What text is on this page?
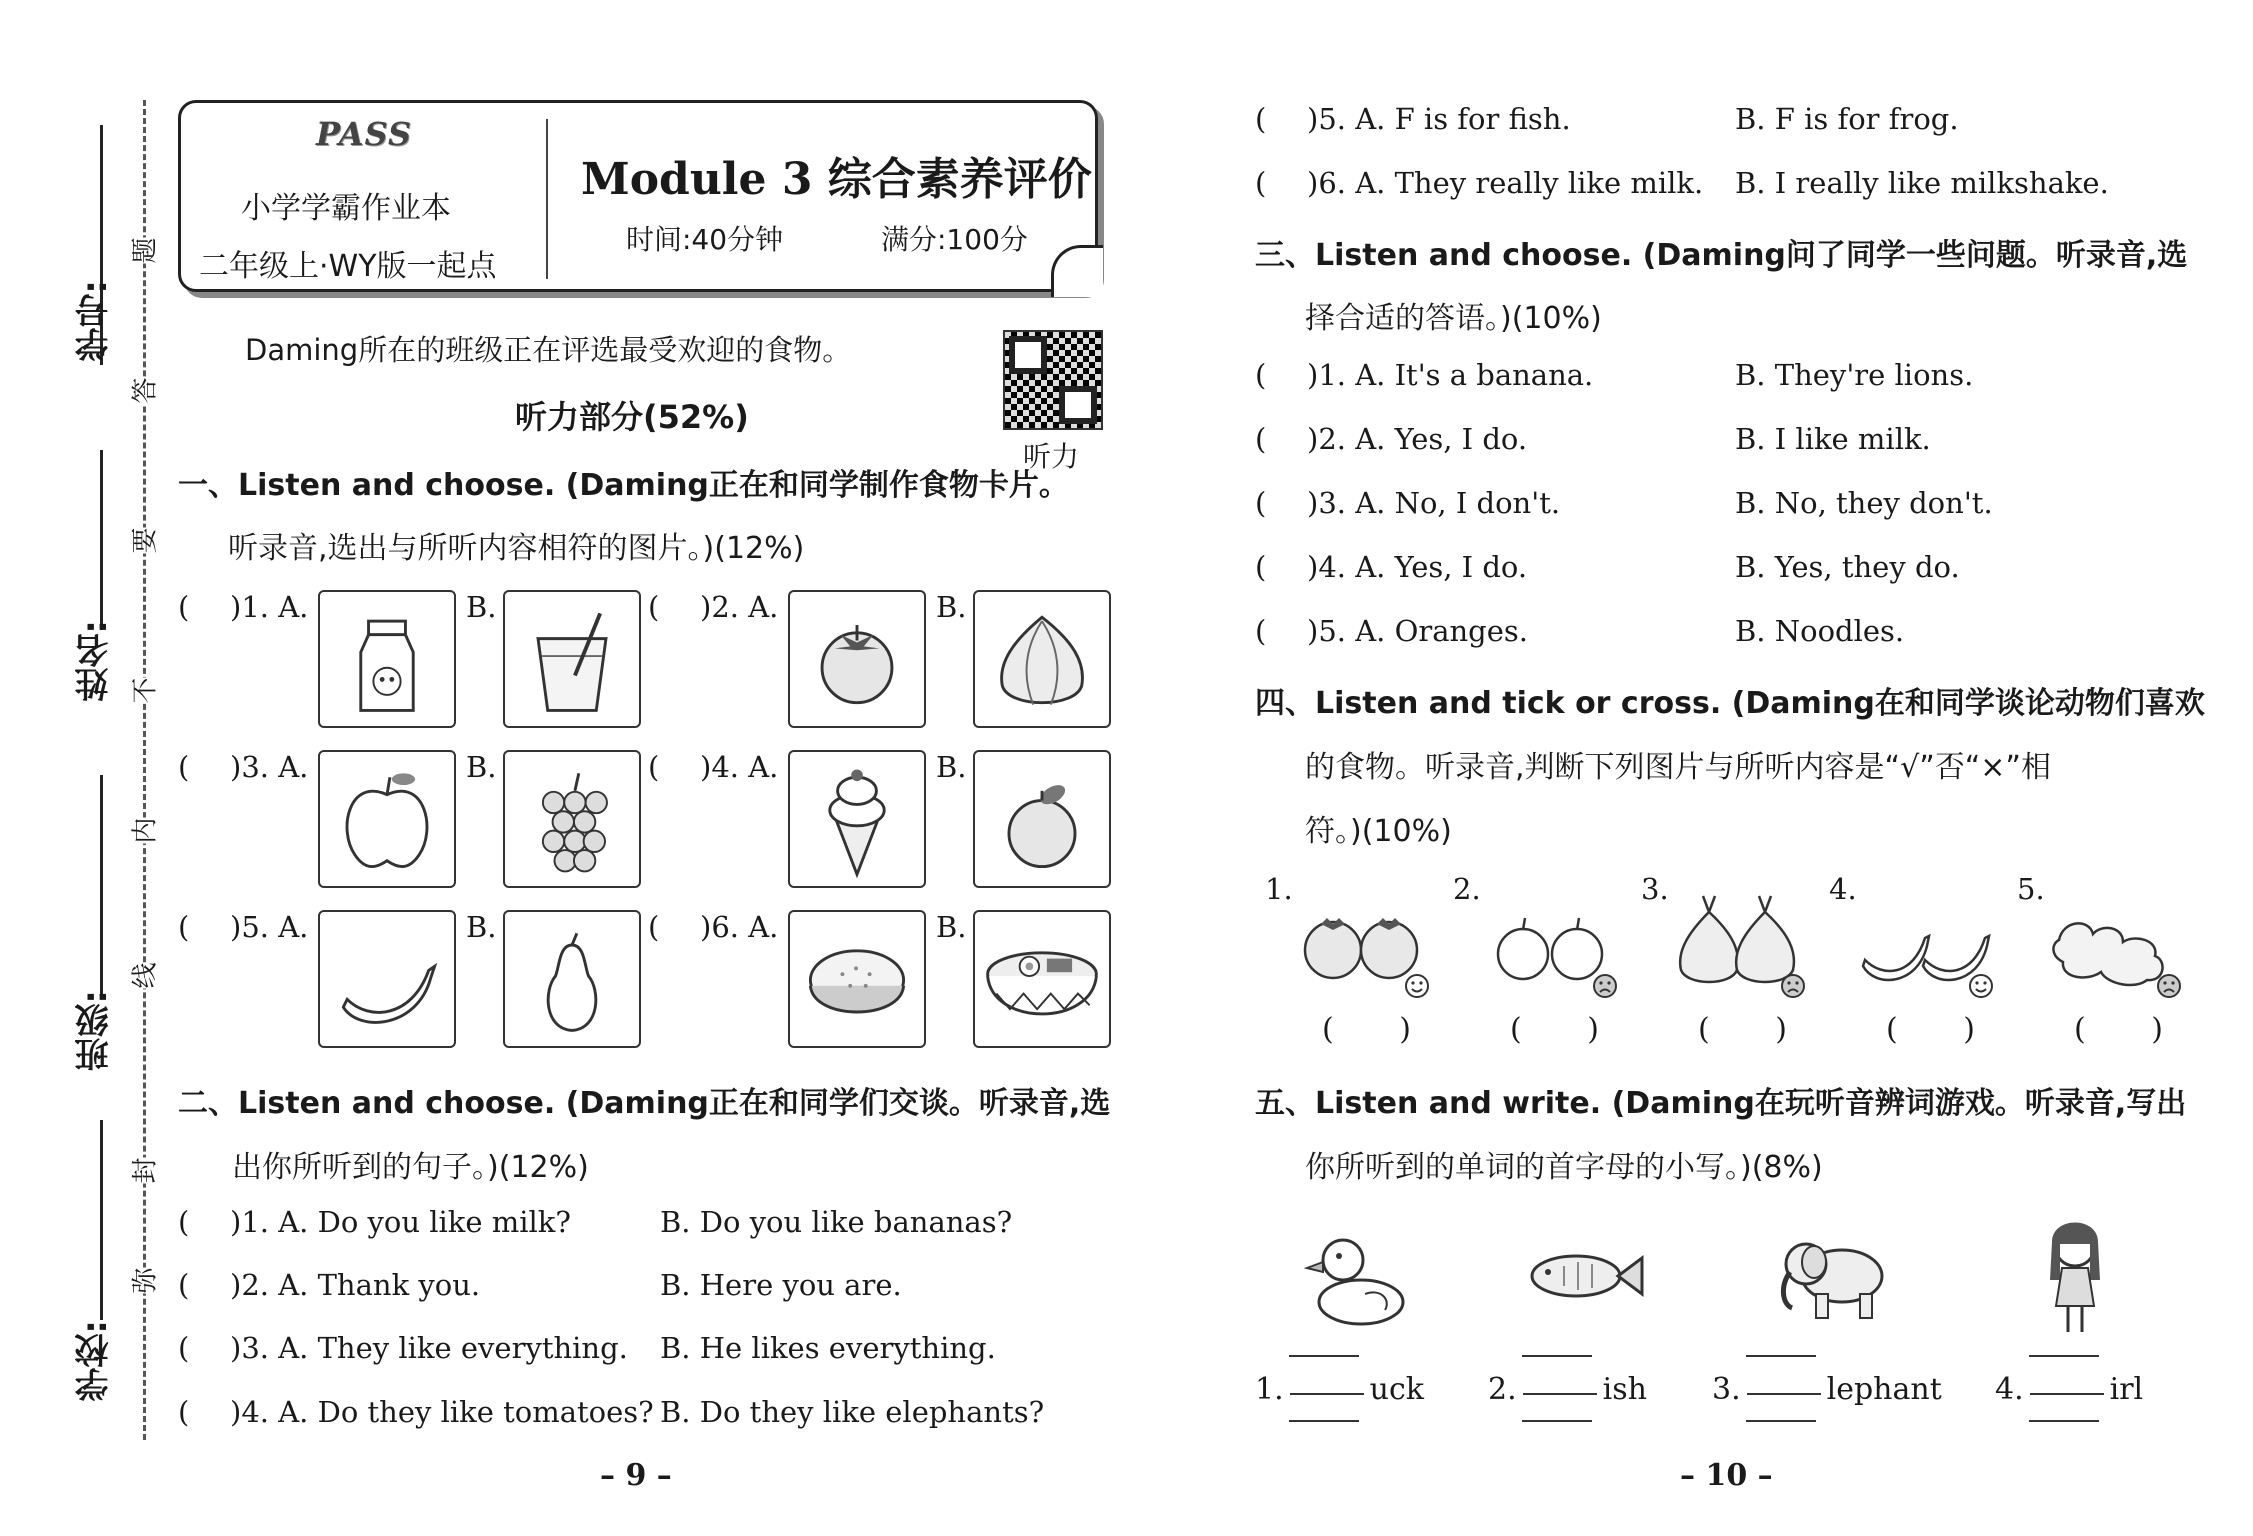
学号:
姓名:
班级:
学校:
题
答
要
不
内
线
封
弥
PASS
小学学霸作业本
二年级上·WY版一起点
Module 3 综合素养评价
时间:40分钟	满分:100分
Daming所在的班级正在评选最受欢迎的食物。
听力
听力部分(52%)
一、Listen and choose. (Daming正在和同学制作食物卡片。
听录音,选出与所听内容相符的图片。)(12%)
( )1. A.	B.	( )2. A.	B.
( )3. A.	B.	( )4. A.	B.
( )5. A.	B.	( )6. A.	B.
二、Listen and choose. (Daming正在和同学们交谈。听录音,选
出你所听到的句子。)(12%)
( )1. A. Do you like milk?	B. Do you like bananas?
( )2. A. Thank you.	B. Here you are.
( )3. A. They like everything. B. He likes everything.
( )4. A. Do they like tomatoes? B. Do they like elephants?
– 9 –
( )5. A. F is for fish.	B. F is for frog.
( )6. A. They really like milk. B. I really like milkshake.
三、Listen and choose. (Daming问了同学一些问题。听录音,选
择合适的答语。)(10%)
( )1. A. It's a banana.	B. They're lions.
( )2. A. Yes, I do.	B. I like milk.
( )3. A. No, I don't.	B. No, they don't.
( )4. A. Yes, I do.	B. Yes, they do.
( )5. A. Oranges.	B. Noodles.
四、Listen and tick or cross. (Daming在和同学谈论动物们喜欢
的食物。听录音,判断下列图片与所听内容是“√”否“×”相
符。)(10%)
1.
( )
2.
( )
3.
( )
4.
( )
5.
( )
五、Listen and write. (Daming在玩听音辨词游戏。听录音,写出
你所听到的单词的首字母的小写。)(8%)
1.	uck 2.	ish 3.	lephant 4.	irl
– 10 –
